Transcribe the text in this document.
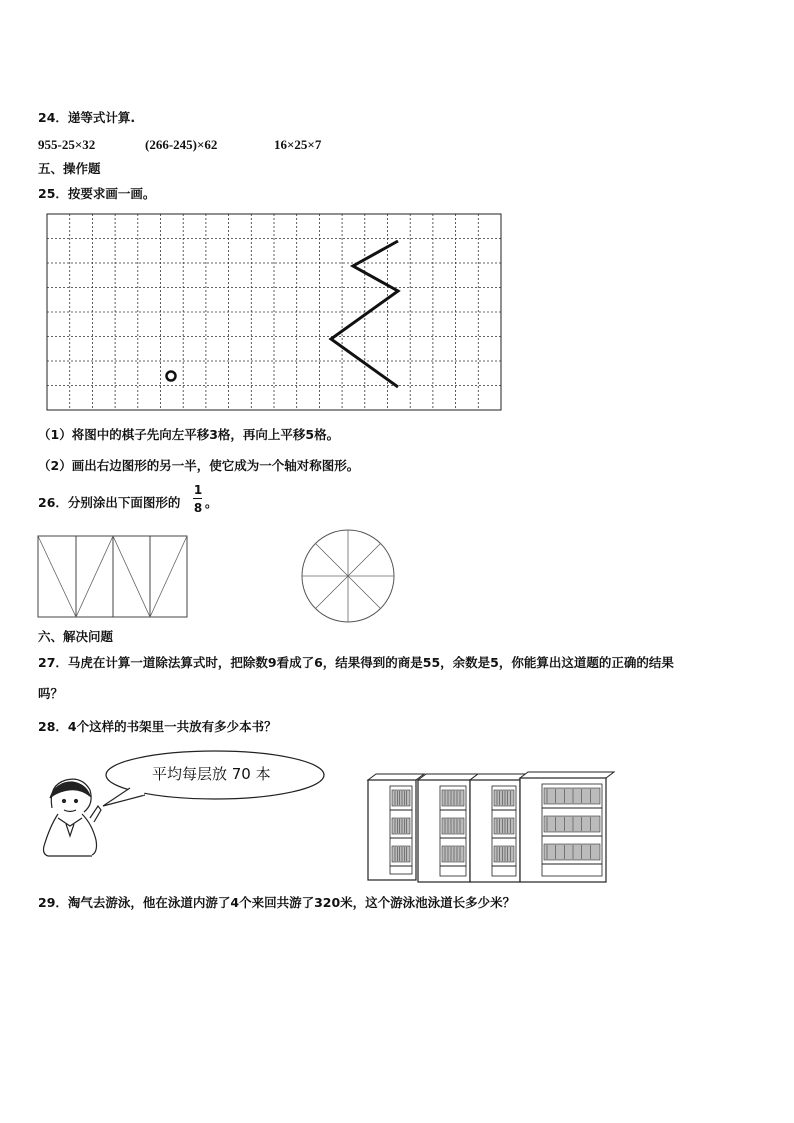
24．递等式计算.
955-25×32	(266-245)×62	16×25×7
五、操作题
25．按要求画一画。
（1）将图中的棋子先向左平移3格，再向上平移5格。
（2）画出右边图形的另一半，使它成为一个轴对称图形。
26．分别涂出下面图形的
1
8 。
六、解决问题
27．马虎在计算一道除法算式时，把除数9看成了6，结果得到的商是55，余数是5，你能算出这道题的正确的结果
吗？
28．4个这样的书架里一共放有多少本书？
平均每层放 70 本
29．淘气去游泳，他在泳道内游了4个来回共游了320米，这个游泳池泳道长多少米？
